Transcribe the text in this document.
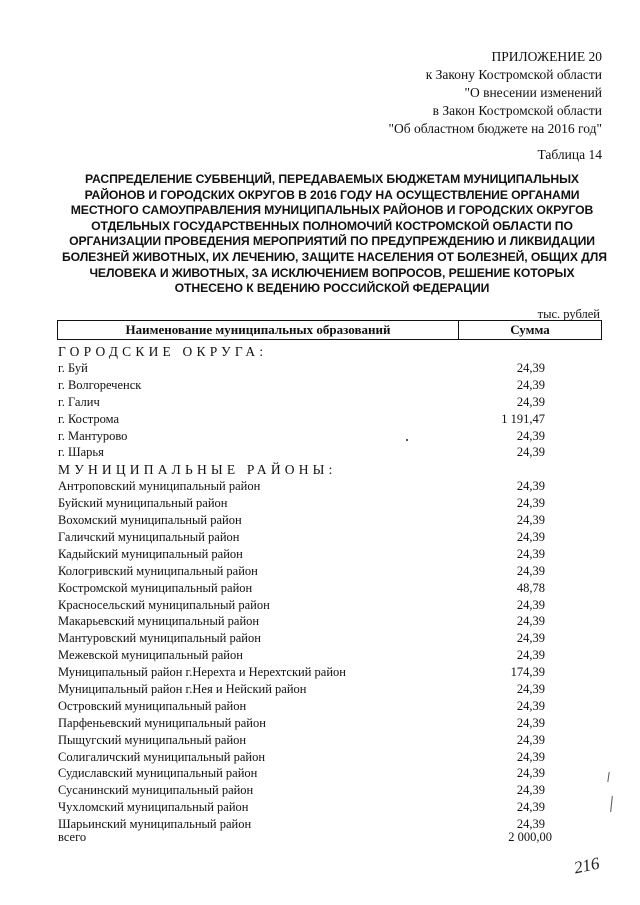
ПРИЛОЖЕНИЕ 20
к Закону Костромской области
"О внесении изменений
в Закон Костромской области
"Об областном бюджете на 2016 год"
Таблица 14
РАСПРЕДЕЛЕНИЕ СУБВЕНЦИЙ, ПЕРЕДАВАЕМЫХ БЮДЖЕТАМ МУНИЦИПАЛЬНЫХ
РАЙОНОВ И ГОРОДСКИХ ОКРУГОВ В 2016 ГОДУ НА ОСУЩЕСТВЛЕНИЕ ОРГАНАМИ
МЕСТНОГО САМОУПРАВЛЕНИЯ МУНИЦИПАЛЬНЫХ РАЙОНОВ И ГОРОДСКИХ ОКРУГОВ
ОТДЕЛЬНЫХ ГОСУДАРСТВЕННЫХ ПОЛНОМОЧИЙ КОСТРОМСКОЙ ОБЛАСТИ ПО
ОРГАНИЗАЦИИ ПРОВЕДЕНИЯ МЕРОПРИЯТИЙ ПО ПРЕДУПРЕЖДЕНИЮ И ЛИКВИДАЦИИ
БОЛЕЗНЕЙ ЖИВОТНЫХ, ИХ ЛЕЧЕНИЮ, ЗАЩИТЕ НАСЕЛЕНИЯ ОТ БОЛЕЗНЕЙ, ОБЩИХ ДЛЯ
ЧЕЛОВЕКА И ЖИВОТНЫХ, ЗА ИСКЛЮЧЕНИЕМ ВОПРОСОВ, РЕШЕНИЕ КОТОРЫХ
ОТНЕСЕНО К ВЕДЕНИЮ РОССИЙСКОЙ ФЕДЕРАЦИИ
тыс. рублей
Наименование муниципальных образований	Сумма
ГОРОДСКИЕ ОКРУГА:
г. Буй	24,39
г. Волгореченск	24,39
г. Галич	24,39
г. Кострома	1 191,47
г. Мантурово	24,39
г. Шарья	24,39
МУНИЦИПАЛЬНЫЕ РАЙОНЫ:
Антроповский муниципальный район	24,39
Буйский муниципальный район	24,39
Вохомский муниципальный район	24,39
Галичский муниципальный район	24,39
Кадыйский муниципальный район	24,39
Кологривский муниципальный район	24,39
Костромской муниципальный район	48,78
Красносельский муниципальный район	24,39
Макарьевский муниципальный район	24,39
Мантуровский муниципальный район	24,39
Межевской муниципальный район	24,39
Муниципальный район г.Нерехта и Нерехтский район	174,39
Муниципальный район г.Нея и Нейский район	24,39
Островский муниципальный район	24,39
Парфеньевский муниципальный район	24,39
Пыщугский муниципальный район	24,39
Солигаличский муниципальный район	24,39
Судиславский муниципальный район	24,39
Сусанинский муниципальный район	24,39
Чухломский муниципальный район	24,39
Шарьинский муниципальный район	24,39
всего	2 000,00
216
